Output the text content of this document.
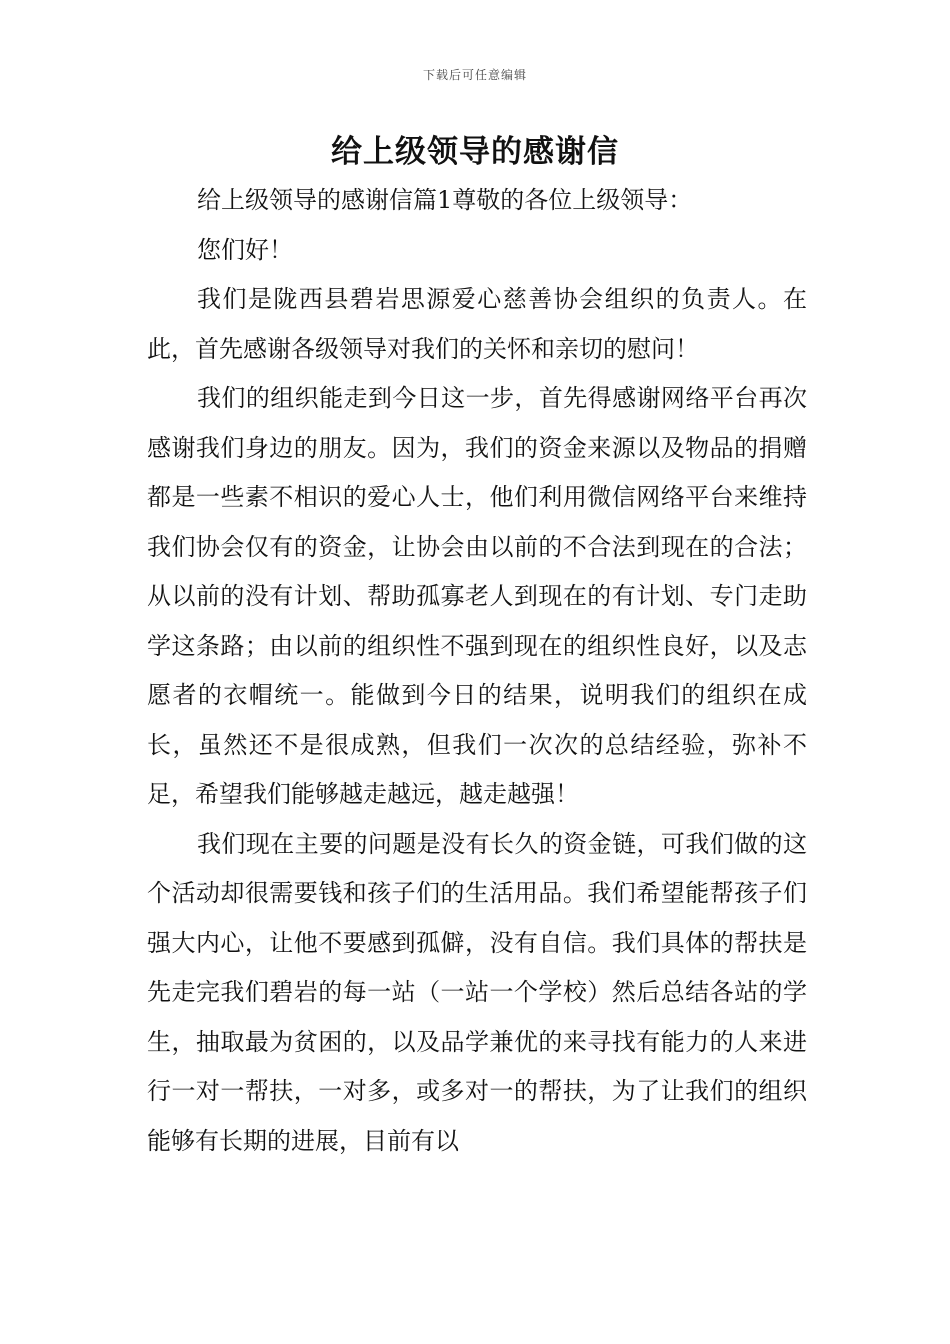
下载后可任意编辑
给上级领导的感谢信

给上级领导的感谢信篇1尊敬的各位上级领导：

您们好！

我们是陇西县碧岩思源爱心慈善协会组织的负责人。在此，首先感谢各级领导对我们的关怀和亲切的慰问！

我们的组织能走到今日这一步，首先得感谢网络平台再次感谢我们身边的朋友。因为，我们的资金来源以及物品的捐赠都是一些素不相识的爱心人士，他们利用微信网络平台来维持我们协会仅有的资金，让协会由以前的不合法到现在的合法；从以前的没有计划、帮助孤寡老人到现在的有计划、专门走助学这条路；由以前的组织性不强到现在的组织性良好，以及志愿者的衣帽统一。能做到今日的结果，说明我们的组织在成长，虽然还不是很成熟，但我们一次次的总结经验，弥补不足，希望我们能够越走越远，越走越强！

我们现在主要的问题是没有长久的资金链，可我们做的这个活动却很需要钱和孩子们的生活用品。我们希望能帮孩子们强大内心，让他不要感到孤僻，没有自信。我们具体的帮扶是先走完我们碧岩的每一站（一站一个学校）然后总结各站的学生，抽取最为贫困的，以及品学兼优的来寻找有能力的人来进行一对一帮扶，一对多，或多对一的帮扶，为了让我们的组织能够有长期的进展，目前有以
